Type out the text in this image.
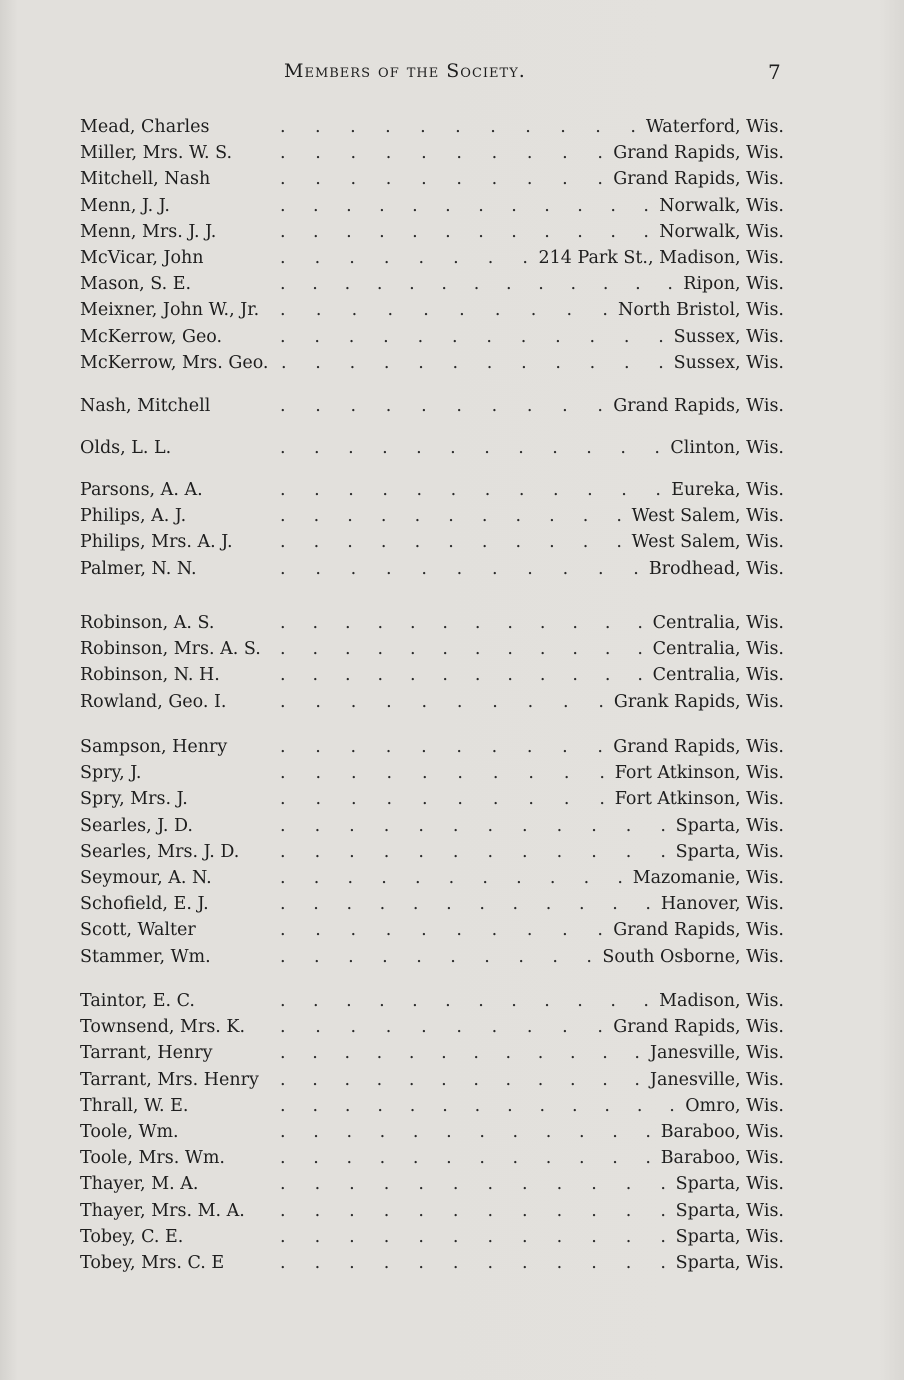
Members of the Society.	7
Mead, Charles	. . . . . . . . . . . Waterford, Wis.
Miller, Mrs. W. S.	. . . . . . . . . . Grand Rapids, Wis.
Mitchell, Nash	. . . . . . . . . . Grand Rapids, Wis.
Menn, J. J.	. . . . . . . . . . . . Norwalk, Wis.
Menn, Mrs. J. J.	. . . . . . . . . . . . Norwalk, Wis.
McVicar, John	. . . . . . . . 214 Park St., Madison, Wis.
Mason, S. E.	. . . . . . . . . . . . . Ripon, Wis.
Meixner, John W., Jr. . . . . . . . . . . North Bristol, Wis.
McKerrow, Geo.	. . . . . . . . . . . . Sussex, Wis.
McKerrow, Mrs. Geo. . . . . . . . . . . . . Sussex, Wis.
Nash, Mitchell	. . . . . . . . . . Grand Rapids, Wis.
Olds, L. L.	. . . . . . . . . . . . Clinton, Wis.
Parsons, A. A.	. . . . . . . . . . . . Eureka, Wis.
Philips, A. J.	. . . . . . . . . . . West Salem, Wis.
Philips, Mrs. A. J.	. . . . . . . . . . . West Salem, Wis.
Palmer, N. N.	. . . . . . . . . . . Brodhead, Wis.
Robinson, A. S.	. . . . . . . . . . . . Centralia, Wis.
Robinson, Mrs. A. S. . . . . . . . . . . . . Centralia, Wis.
Robinson, N. H.	. . . . . . . . . . . . Centralia, Wis.
Rowland, Geo. I.	. . . . . . . . . . Grank Rapids, Wis.
Sampson, Henry	. . . . . . . . . . Grand Rapids, Wis.
Spry, J.	. . . . . . . . . . Fort Atkinson, Wis.
Spry, Mrs. J.	. . . . . . . . . . Fort Atkinson, Wis.
Searles, J. D.	. . . . . . . . . . . . Sparta, Wis.
Searles, Mrs. J. D. . . . . . . . . . . . . Sparta, Wis.
Seymour, A. N.	. . . . . . . . . . . Mazomanie, Wis.
Schofield, E. J.	. . . . . . . . . . . . Hanover, Wis.
Scott, Walter	. . . . . . . . . . Grand Rapids, Wis.
Stammer, Wm.	. . . . . . . . . . South Osborne, Wis.
Taintor, E. C.	. . . . . . . . . . . . Madison, Wis.
Townsend, Mrs. K. . . . . . . . . . . Grand Rapids, Wis.
Tarrant, Henry	. . . . . . . . . . . . Janesville, Wis.
Tarrant, Mrs. Henry . . . . . . . . . . . . Janesville, Wis.
Thrall, W. E.	. . . . . . . . . . . . . Omro, Wis.
Toole, Wm.	. . . . . . . . . . . . Baraboo, Wis.
Toole, Mrs. Wm.	. . . . . . . . . . . . Baraboo, Wis.
Thayer, M. A.	. . . . . . . . . . . . Sparta, Wis.
Thayer, Mrs. M. A. . . . . . . . . . . . . Sparta, Wis.
Tobey, C. E.	. . . . . . . . . . . . Sparta, Wis.
Tobey, Mrs. C. E	. . . . . . . . . . . . Sparta, Wis.
